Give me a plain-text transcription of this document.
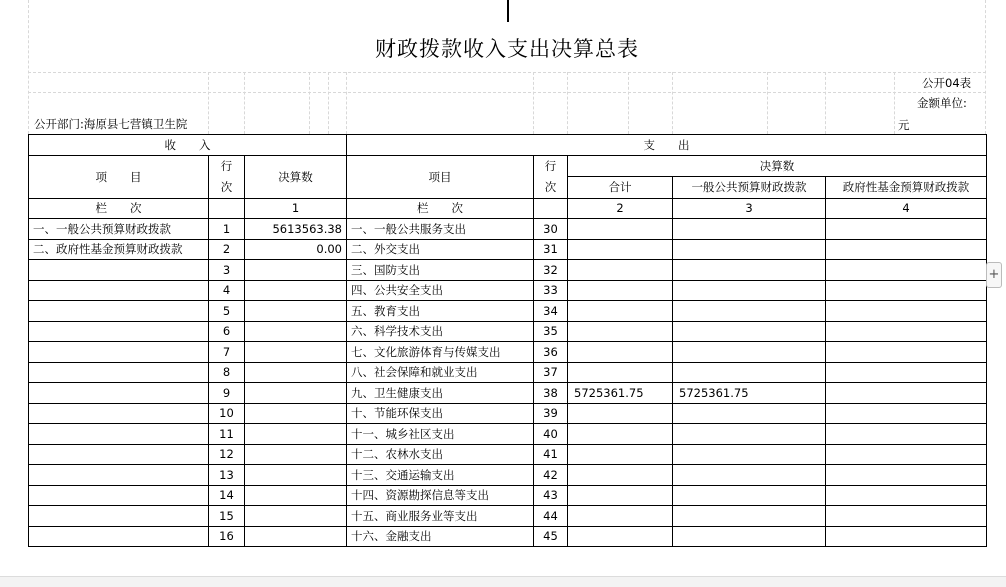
财政拨款收入支出决算总表
公开04表
金额单位:
元
公开部门:海原县七营镇卫生院
收　　入			支　　出				
项　　目	行次	决算数	项目	行次	决算数		
					合计	一般公共预算财政拨款	政府性基金预算财政拨款
栏　　次		1	栏　　次		2	3	4
一、一般公共预算财政拨款	1	5613563.38	一、一般公共服务支出	30			
二、政府性基金预算财政拨款	2	0.00	二、外交支出	31			
	3		三、国防支出	32			
	4		四、公共安全支出	33			
	5		五、教育支出	34			
	6		六、科学技术支出	35			
	7		七、文化旅游体育与传媒支出	36			
	8		八、社会保障和就业支出	37			
	9		九、卫生健康支出	38	5725361.75	5725361.75	
	10		十、节能环保支出	39			
	11		十一、城乡社区支出	40			
	12		十二、农林水支出	41			
	13		十三、交通运输支出	42			
	14		十四、资源勘探信息等支出	43			
	15		十五、商业服务业等支出	44			
	16		十六、金融支出	45			
+
